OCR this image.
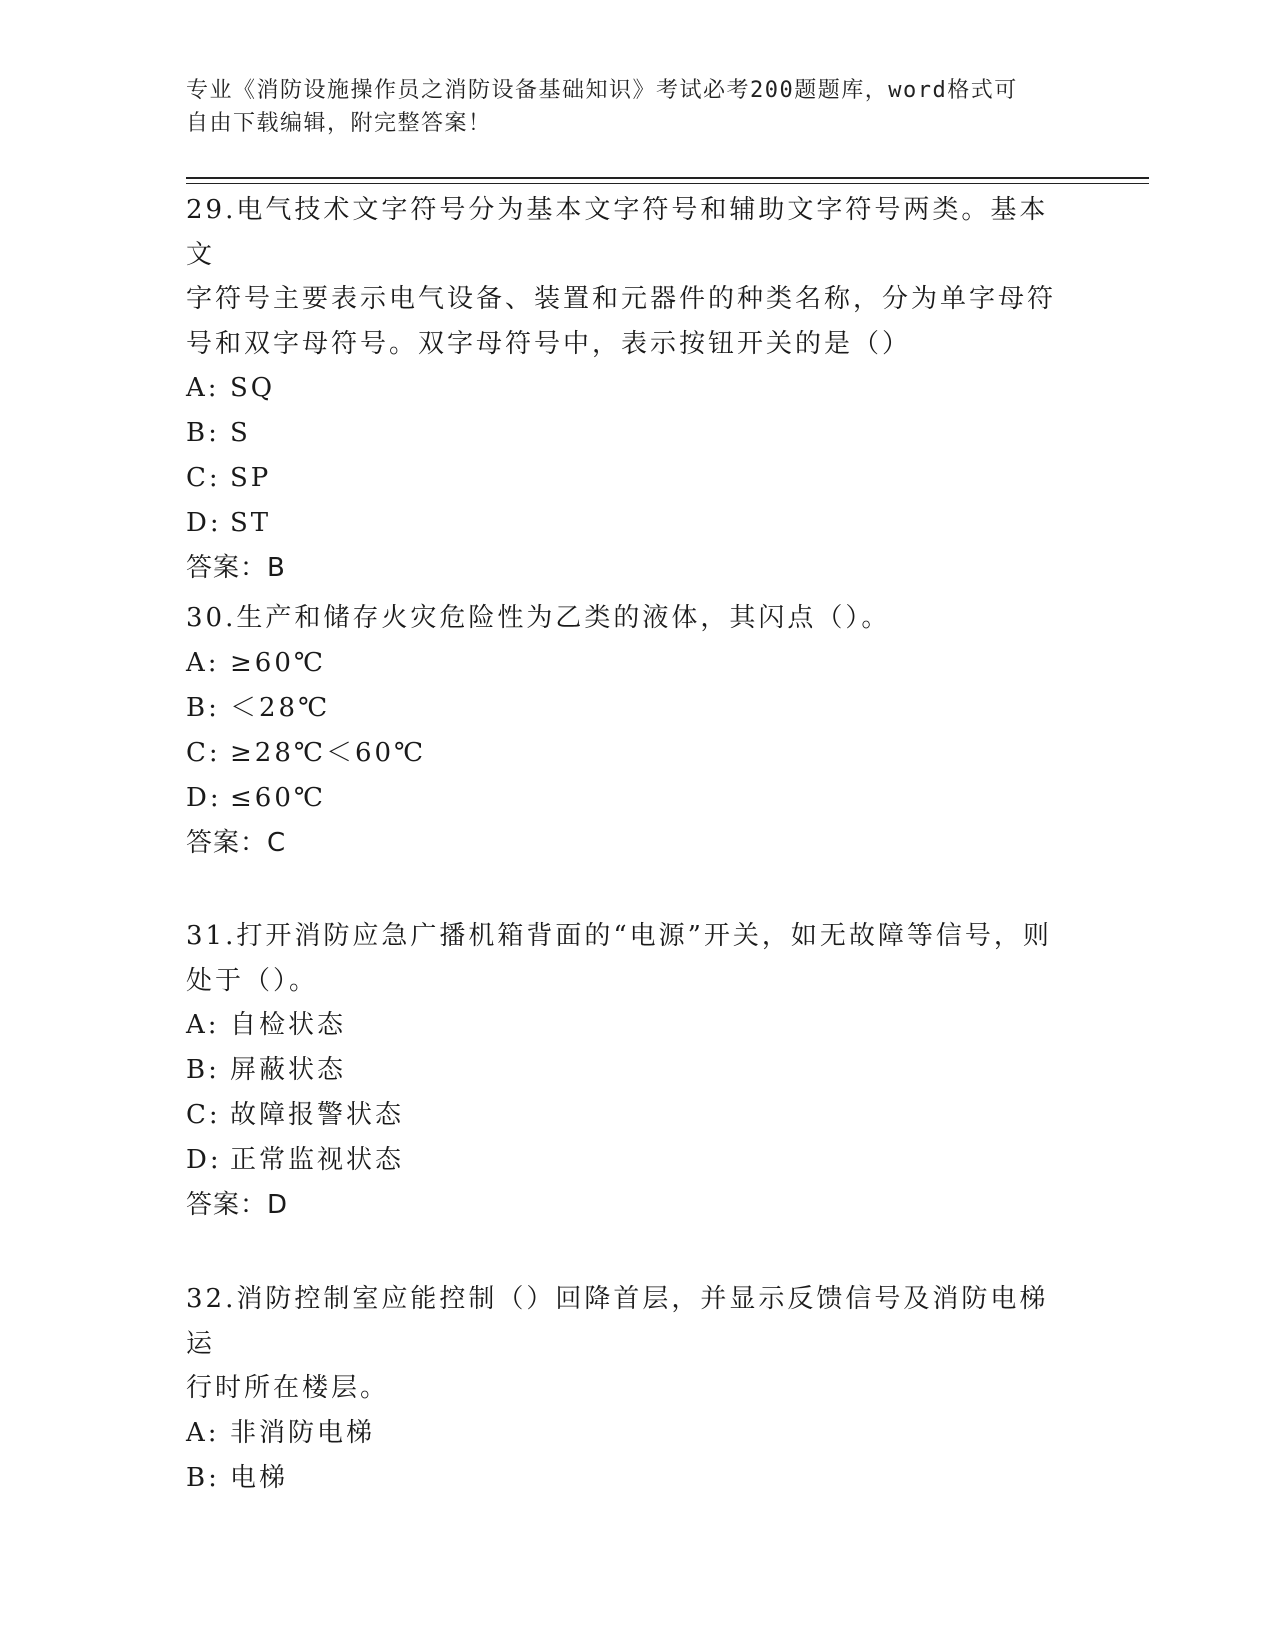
专业《消防设施操作员之消防设备基础知识》考试必考200题题库，word格式可
自由下载编辑，附完整答案！

29.电气技术文字符号分为基本文字符号和辅助文字符号两类。基本文

字符号主要表示电气设备、装置和元器件的种类名称，分为单字母符

号和双字母符号。双字母符号中，表示按钮开关的是（）

A: SQ

B: S

C: SP

D: ST

答案：B

30.生产和储存火灾危险性为乙类的液体，其闪点（）。

A: ≥60℃

B: ＜28℃

C: ≥28℃＜60℃

D: ≤60℃

答案：C

31.打开消防应急广播机箱背面的“电源”开关，如无故障等信号，则

处于（）。

A: 自检状态

B: 屏蔽状态

C: 故障报警状态

D: 正常监视状态

答案：D

32.消防控制室应能控制（）回降首层，并显示反馈信号及消防电梯运

行时所在楼层。

A: 非消防电梯

B: 电梯
